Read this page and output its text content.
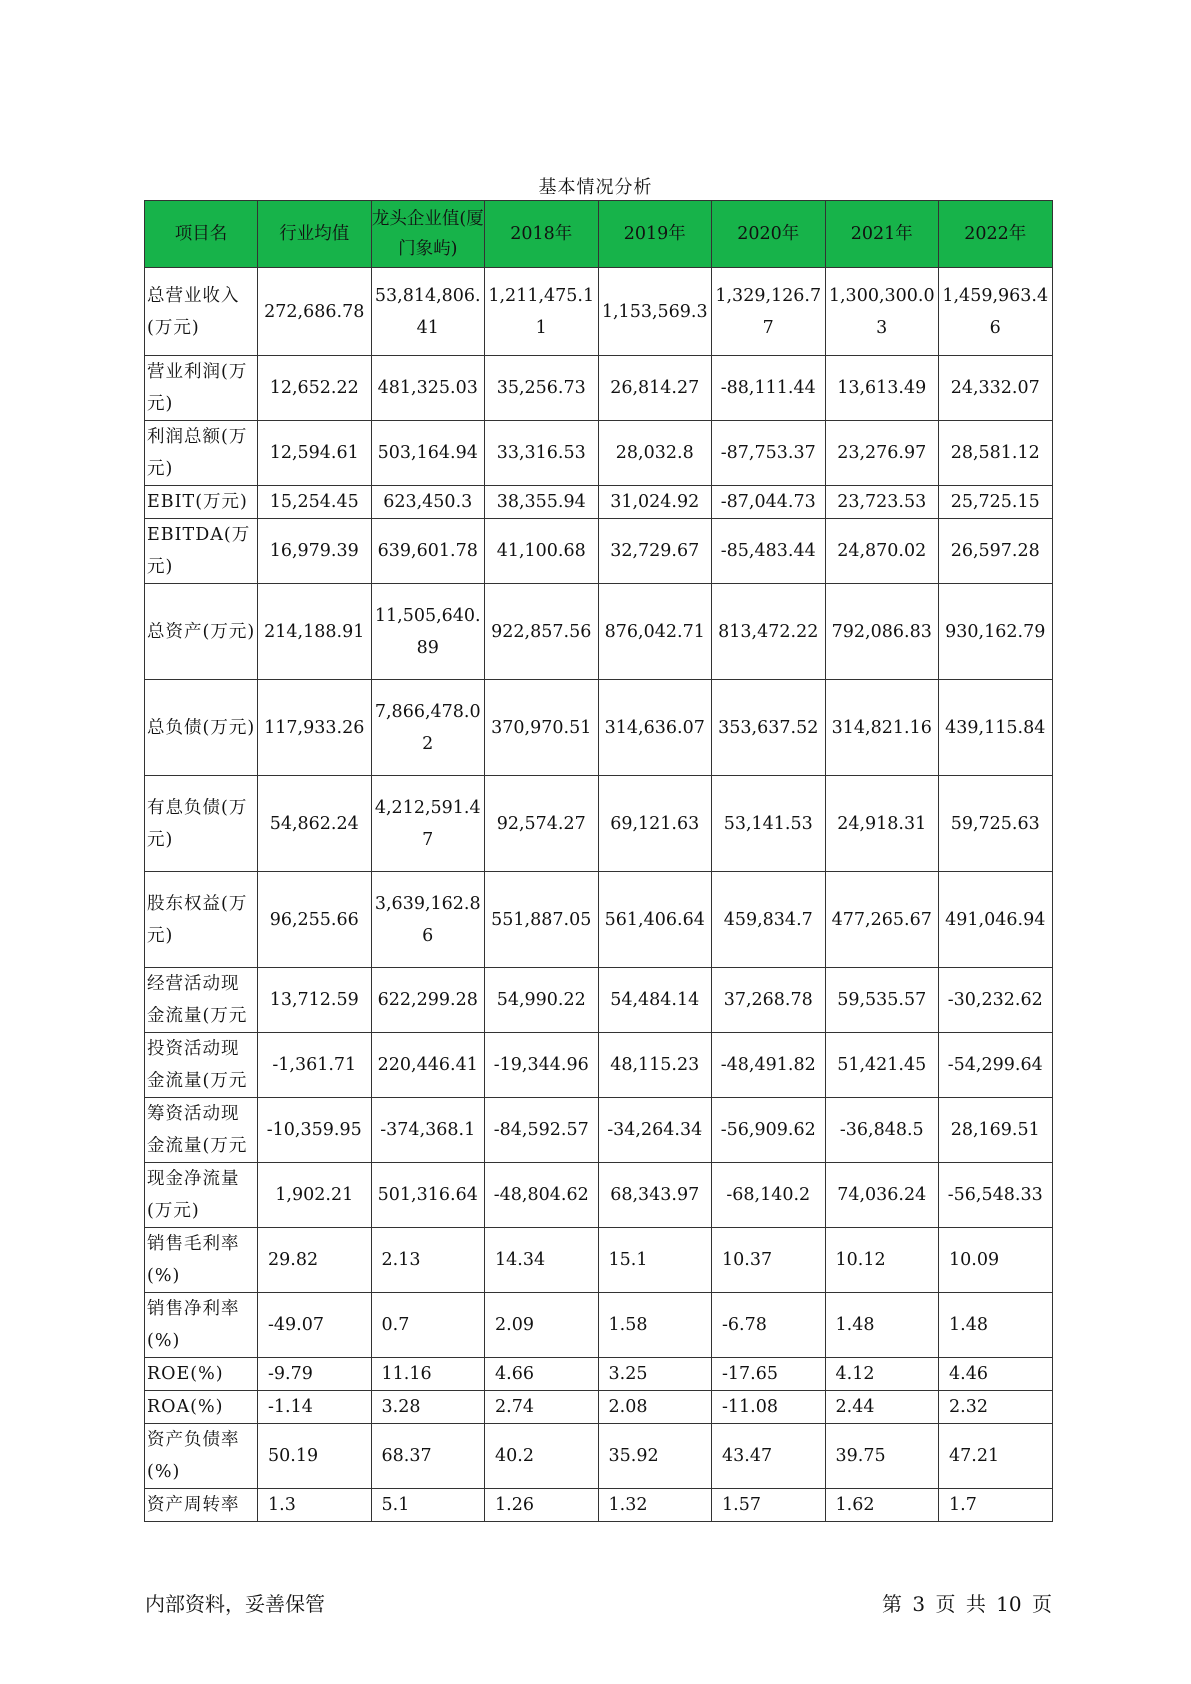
基本情况分析
项目名	行业均值	龙头企业值(厦门象屿)	2018年	2019年	2020年	2021年	2022年
总营业收入(万元)	272,686.78	53,814,806.41	1,211,475.11	1,153,569.3	1,329,126.77	1,300,300.03	1,459,963.46
营业利润(万元)	12,652.22	481,325.03	35,256.73	26,814.27	-88,111.44	13,613.49	24,332.07
利润总额(万元)	12,594.61	503,164.94	33,316.53	28,032.8	-87,753.37	23,276.97	28,581.12
EBIT(万元)	15,254.45	623,450.3	38,355.94	31,024.92	-87,044.73	23,723.53	25,725.15
EBITDA(万元)	16,979.39	639,601.78	41,100.68	32,729.67	-85,483.44	24,870.02	26,597.28
总资产(万元)	214,188.91	11,505,640.89	922,857.56	876,042.71	813,472.22	792,086.83	930,162.79
总负债(万元)	117,933.26	7,866,478.02	370,970.51	314,636.07	353,637.52	314,821.16	439,115.84
有息负债(万元)	54,862.24	4,212,591.47	92,574.27	69,121.63	53,141.53	24,918.31	59,725.63
股东权益(万元)	96,255.66	3,639,162.86	551,887.05	561,406.64	459,834.7	477,265.67	491,046.94
经营活动现金流量(万元	13,712.59	622,299.28	54,990.22	54,484.14	37,268.78	59,535.57	-30,232.62
投资活动现金流量(万元	-1,361.71	220,446.41	-19,344.96	48,115.23	-48,491.82	51,421.45	-54,299.64
筹资活动现金流量(万元	-10,359.95	-374,368.1	-84,592.57	-34,264.34	-56,909.62	-36,848.5	28,169.51
现金净流量(万元)	1,902.21	501,316.64	-48,804.62	68,343.97	-68,140.2	74,036.24	-56,548.33
销售毛利率(%)	29.82	2.13	14.34	15.1	10.37	10.12	10.09
销售净利率(%)	-49.07	0.7	2.09	1.58	-6.78	1.48	1.48
ROE(%)	-9.79	11.16	4.66	3.25	-17.65	4.12	4.46
ROA(%)	-1.14	3.28	2.74	2.08	-11.08	2.44	2.32
资产负债率(%)	50.19	68.37	40.2	35.92	43.47	39.75	47.21
资产周转率	1.3	5.1	1.26	1.32	1.57	1.62	1.7
内部资料，妥善保管	第 3 页 共 10 页
